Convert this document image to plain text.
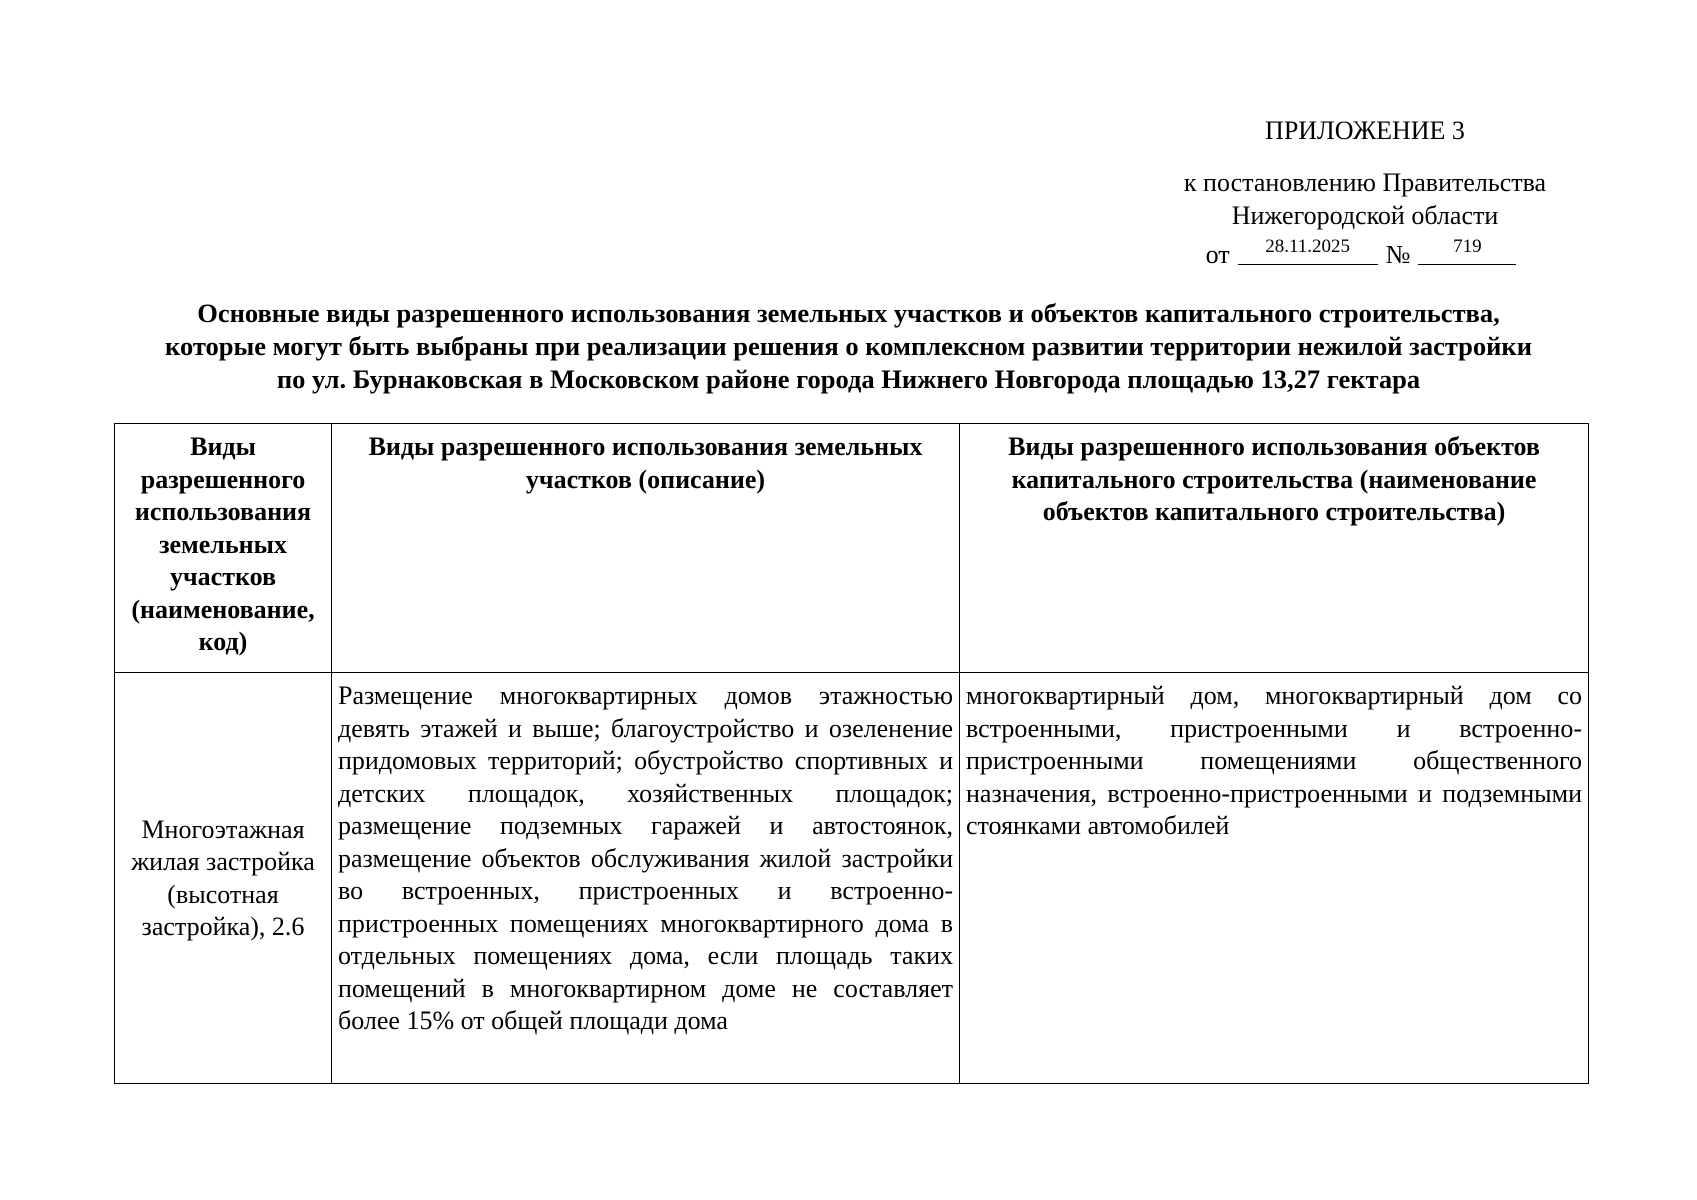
ПРИЛОЖЕНИЕ 3
к постановлению Правительства
Нижегородской области
от	28.11.2025	№	719
Основные виды разрешенного использования земельных участков и объектов капитального строительства,
которые могут быть выбраны при реализации решения о комплексном развитии территории нежилой застройки
по ул. Бурнаковская в Московском районе города Нижнего Новгорода площадью 13,27 гектара
Виды разрешенного использования земельных участков (наименование, код)	Виды разрешенного использования земельных участков (описание)	Виды разрешенного использования объектов капитального строительства (наименование объектов капитального строительства)
Многоэтажная жилая застройка (высотная застройка), 2.6	Размещение многоквартирных домов этажностью девять этажей и выше; благоустройство и озеленение придомовых территорий; обустройство спортивных и детских площадок, хозяйственных площадок; размещение подземных гаражей и автостоянок, размещение объектов обслуживания жилой застройки во встроенных, пристроенных и встроенно-пристроенных помещениях многоквартирного дома в отдельных помещениях дома, если площадь таких помещений в многоквартирном доме не составляет более 15% от общей площади дома	многоквартирный дом, многоквартирный дом со встроенными, пристроенными и встроенно-пристроенными помещениями общественного назначения, встроенно-пристроенными и подземными стоянками автомобилей
